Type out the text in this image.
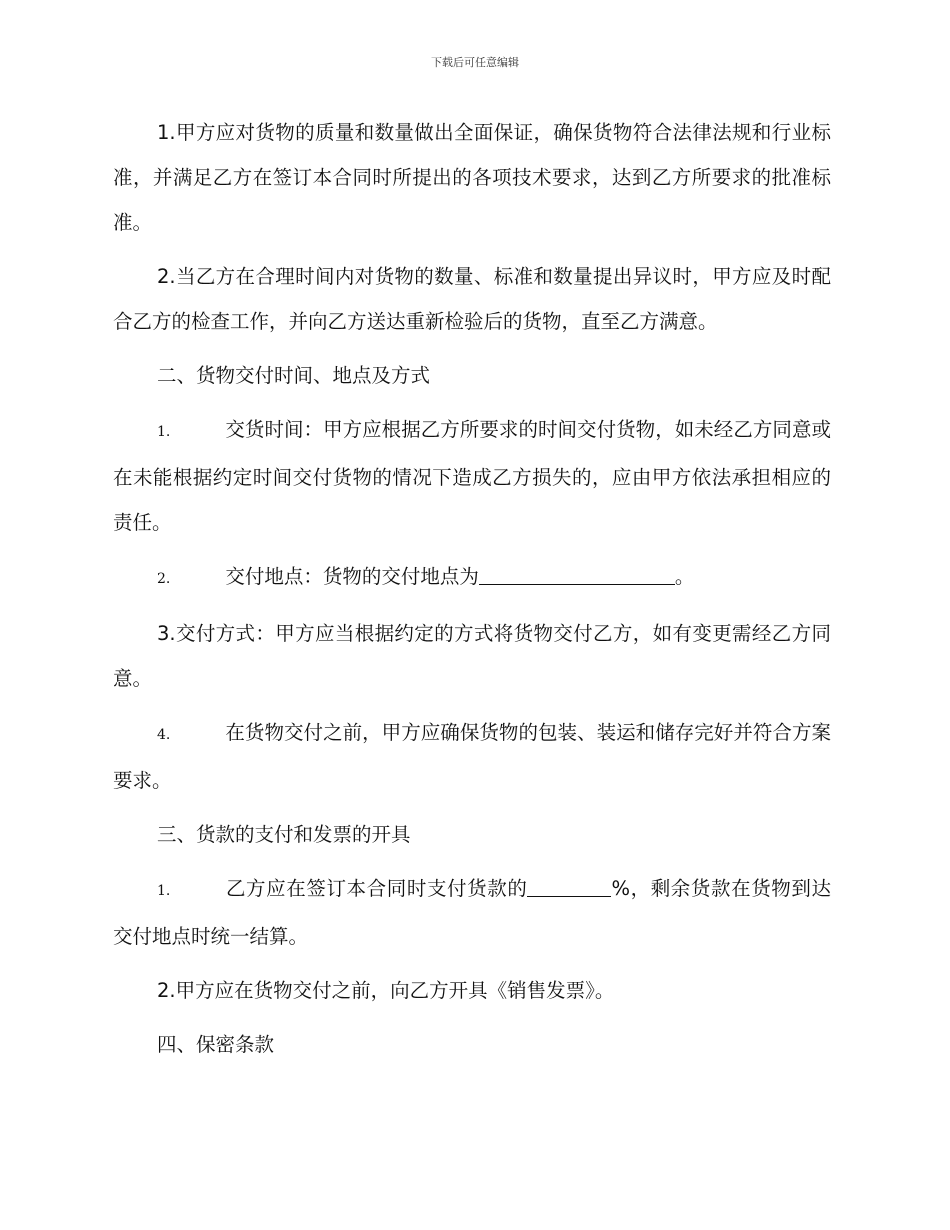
下载后可任意编辑

1.甲方应对货物的质量和数量做出全面保证，确保货物符合法律法规和行业标准，并满足乙方在签订本合同时所提出的各项技术要求，达到乙方所要求的批准标准。

2.当乙方在合理时间内对货物的数量、标准和数量提出异议时，甲方应及时配合乙方的检查工作，并向乙方送达重新检验后的货物，直至乙方满意。

二、货物交付时间、地点及方式

1.	交货时间：甲方应根据乙方所要求的时间交付货物，如未经乙方同意或在未能根据约定时间交付货物的情况下造成乙方损失的，应由甲方依法承担相应的责任。

2.	交付地点：货物的交付地点为	。

3.交付方式：甲方应当根据约定的方式将货物交付乙方，如有变更需经乙方同意。

4.	在货物交付之前，甲方应确保货物的包装、装运和储存完好并符合方案要求。

三、货款的支付和发票的开具

1.	乙方应在签订本合同时支付货款的	%，剩余货款在货物到达交付地点时统一结算。

2.甲方应在货物交付之前，向乙方开具《销售发票》。

四、保密条款
